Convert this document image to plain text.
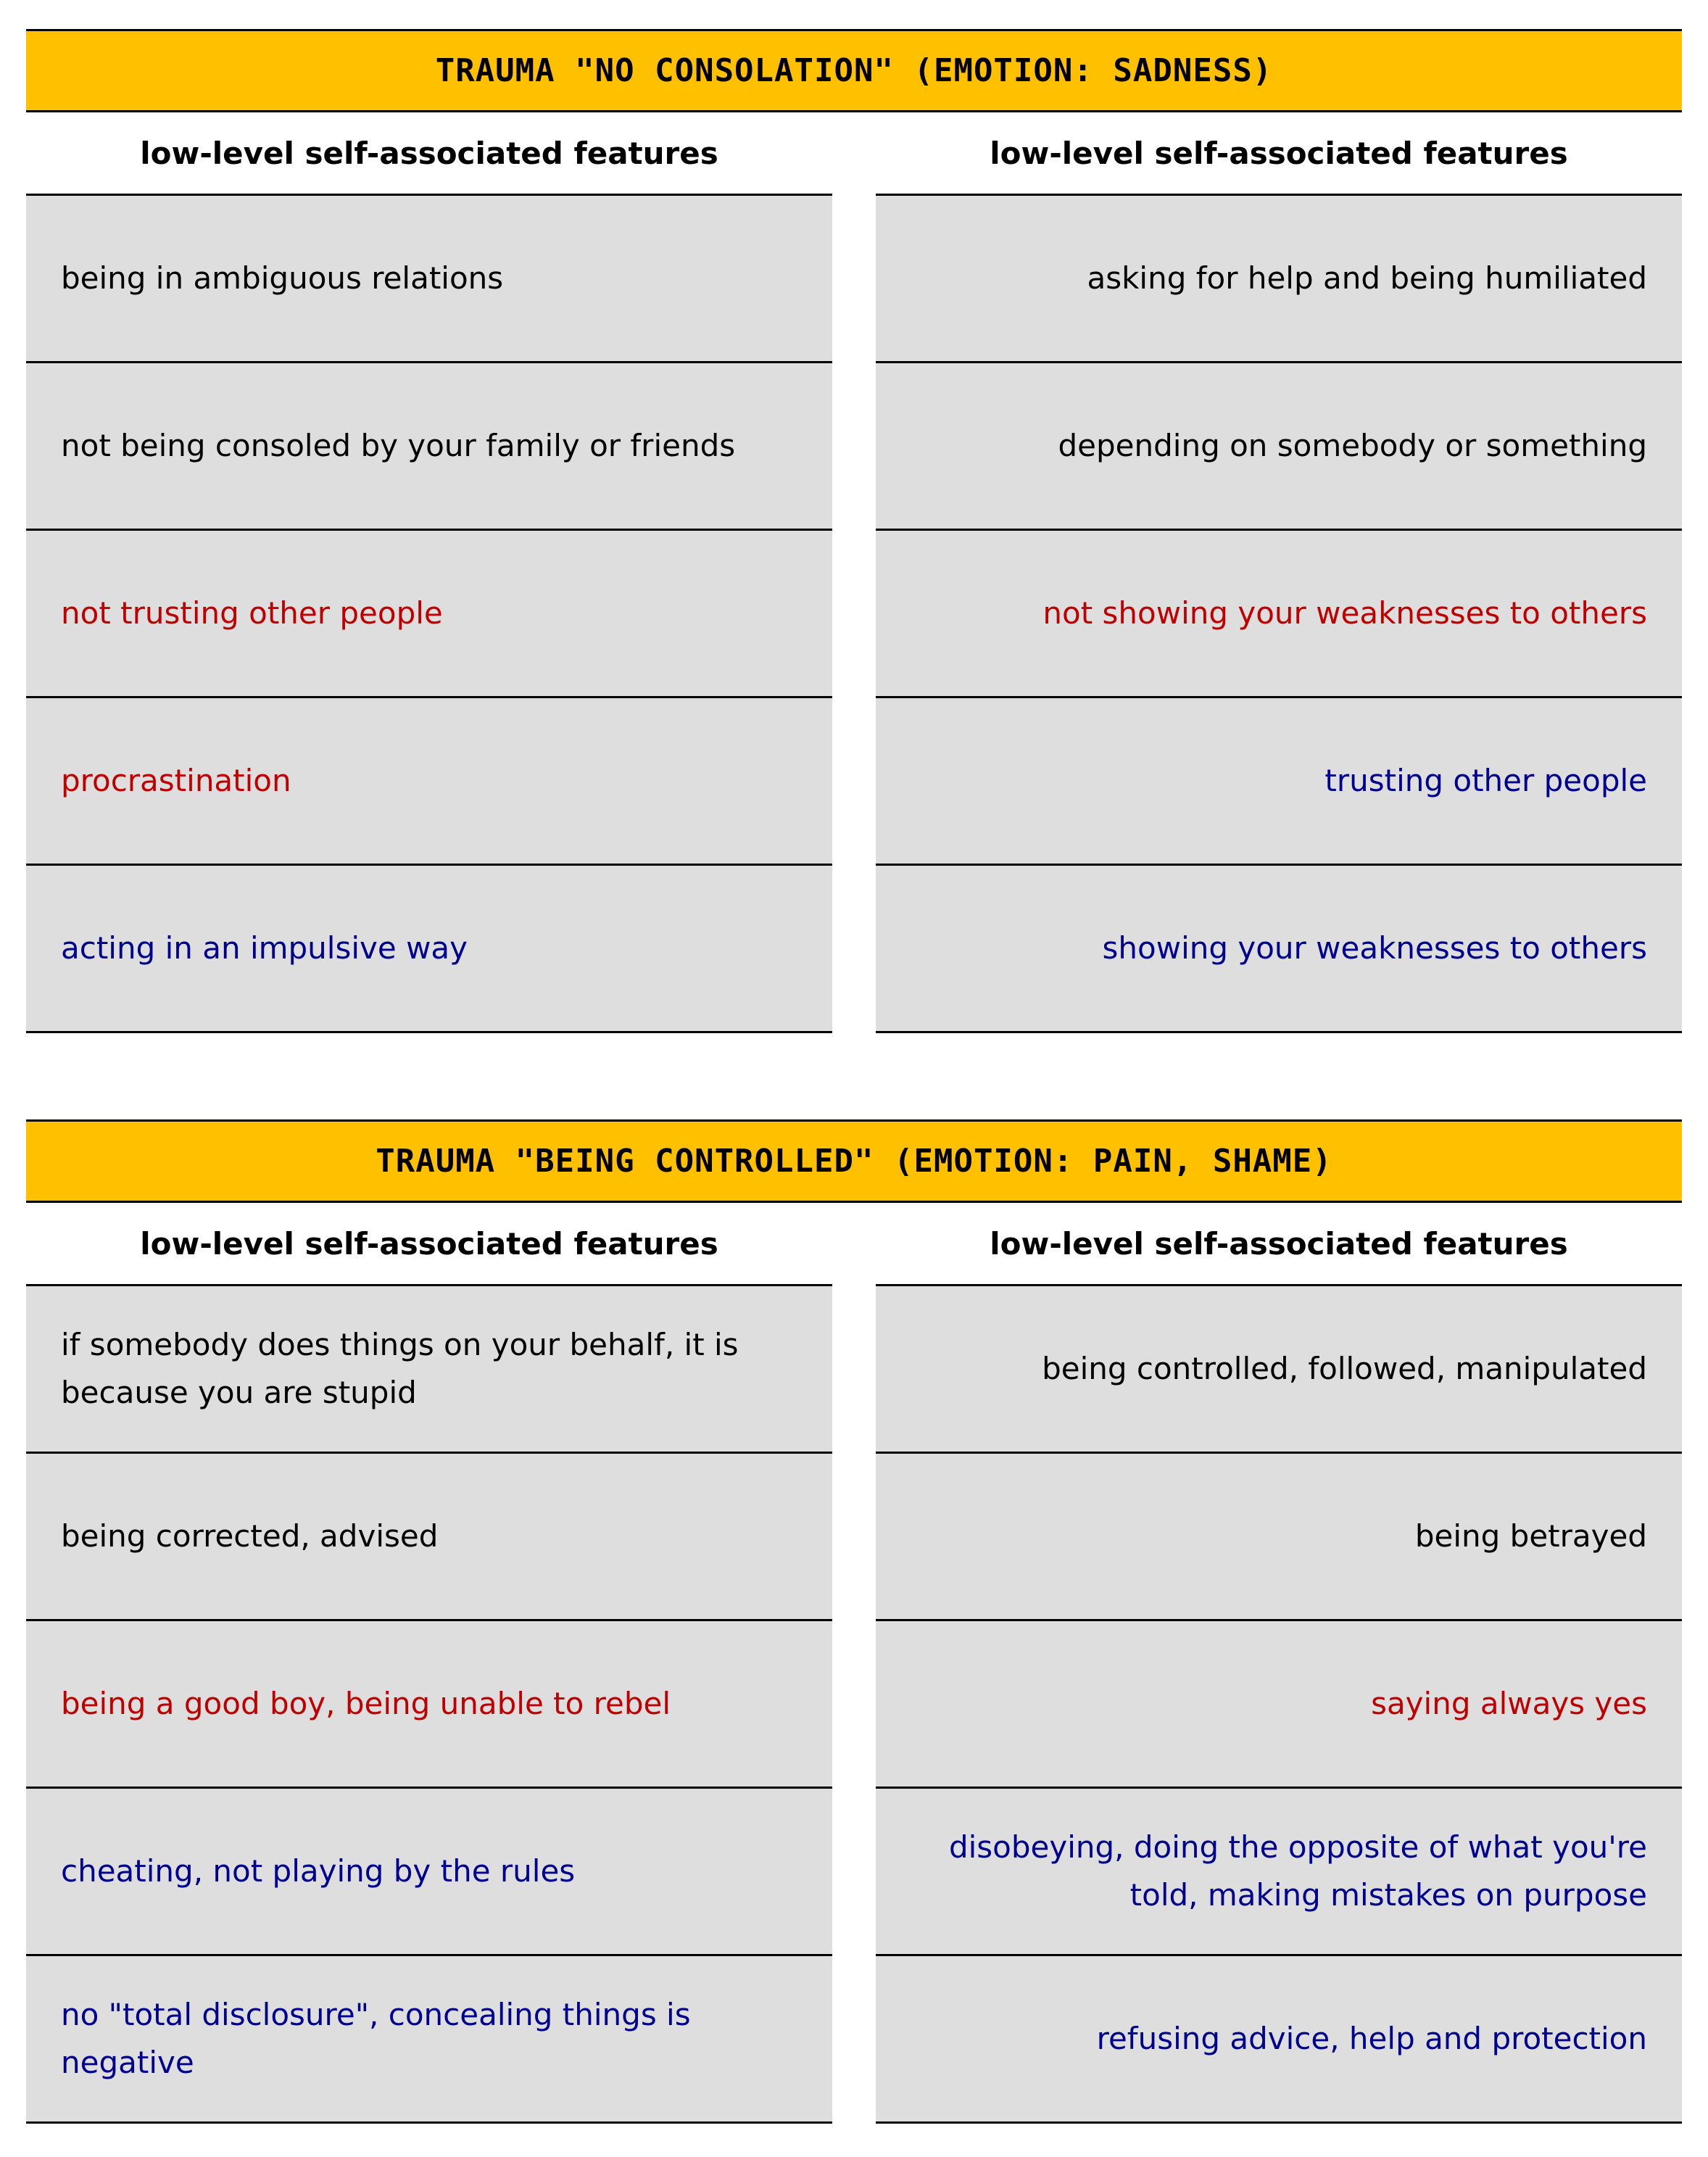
TRAUMA "NO CONSOLATION" (EMOTION: SADNESS)
low-level self-associated features
being in ambiguous relations
not being consoled by your family or friends
not trusting other people
procrastination
acting in an impulsive way
low-level self-associated features
asking for help and being humiliated
depending on somebody or something
not showing your weaknesses to others
trusting other people
showing your weaknesses to others
TRAUMA "BEING CONTROLLED" (EMOTION: PAIN, SHAME)
low-level self-associated features
if somebody does things on your behalf, it is because you are stupid
being corrected, advised
being a good boy, being unable to rebel
cheating, not playing by the rules
no "total disclosure", concealing things is negative
low-level self-associated features
being controlled, followed, manipulated
being betrayed
saying always yes
disobeying, doing the opposite of what you're told, making mistakes on purpose
refusing advice, help and protection
